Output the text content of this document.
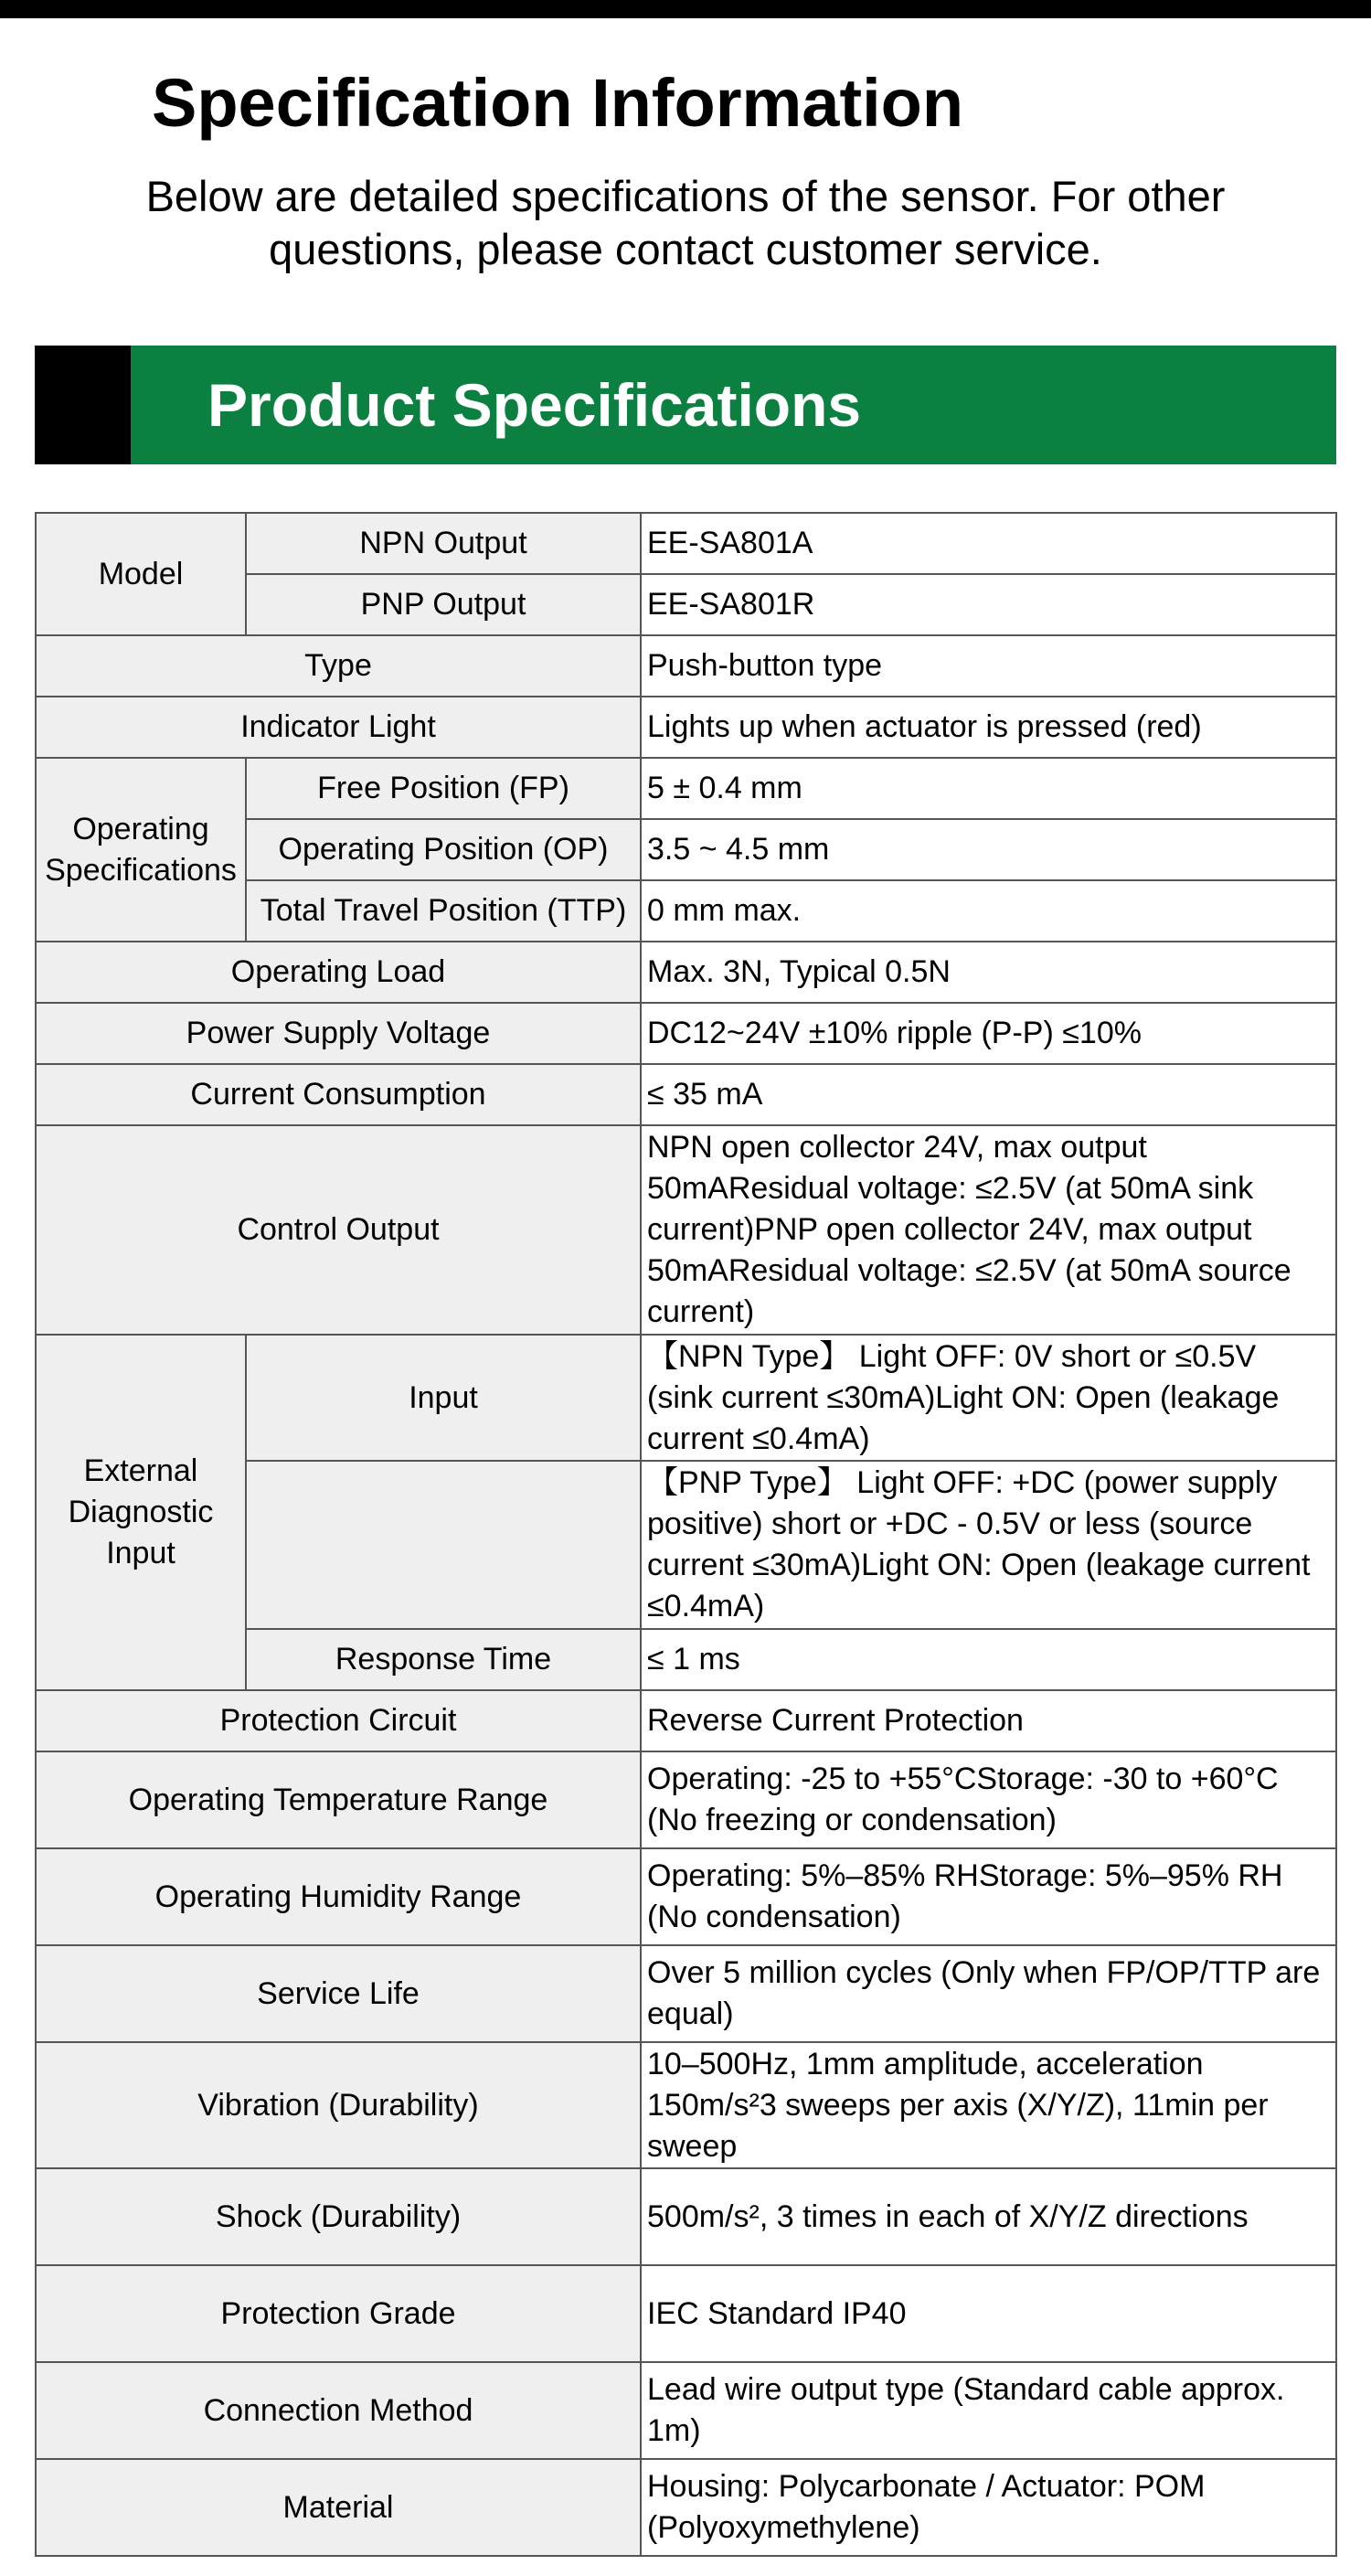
Specification Information
Below are detailed specifications of the sensor. For other questions, please contact customer service.
Product Specifications
Model	NPN Output	EE-SA801A
	PNP Output	EE-SA801R
Type		Push-button type
Indicator Light		Lights up when actuator is pressed (red)
Operating Specifications	Free Position (FP)	5 ± 0.4 mm
	Operating Position (OP)	3.5 ~ 4.5 mm
	Total Travel Position (TTP)	0 mm max.
Operating Load		Max. 3N, Typical 0.5N
Power Supply Voltage		DC12~24V ±10% ripple (P-P) ≤10%
Current Consumption		≤ 35 mA
Control Output		NPN open collector 24V, max output 50mAResidual voltage: ≤2.5V (at 50mA sink current)PNP open collector 24V, max output 50mAResidual voltage: ≤2.5V (at 50mA source current)
External Diagnostic Input	Input	【NPN Type】 Light OFF: 0V short or ≤0.5V (sink current ≤30mA)Light ON: Open (leakage current ≤0.4mA)
		【PNP Type】 Light OFF: +DC (power supply positive) short or +DC - 0.5V or less (source current ≤30mA)Light ON: Open (leakage current ≤0.4mA)
	Response Time	≤ 1 ms
Protection Circuit		Reverse Current Protection
Operating Temperature Range		Operating: -25 to +55°CStorage: -30 to +60°C (No freezing or condensation)
Operating Humidity Range		Operating: 5%–85% RHStorage: 5%–95% RH (No condensation)
Service Life		Over 5 million cycles (Only when FP/OP/TTP are equal)
Vibration (Durability)		10–500Hz, 1mm amplitude, acceleration 150m/s²3 sweeps per axis (X/Y/Z), 11min per sweep
Shock (Durability)		500m/s², 3 times in each of X/Y/Z directions
Protection Grade		IEC Standard IP40
Connection Method		Lead wire output type (Standard cable approx. 1m)
Material		Housing: Polycarbonate / Actuator: POM (Polyoxymethylene)
